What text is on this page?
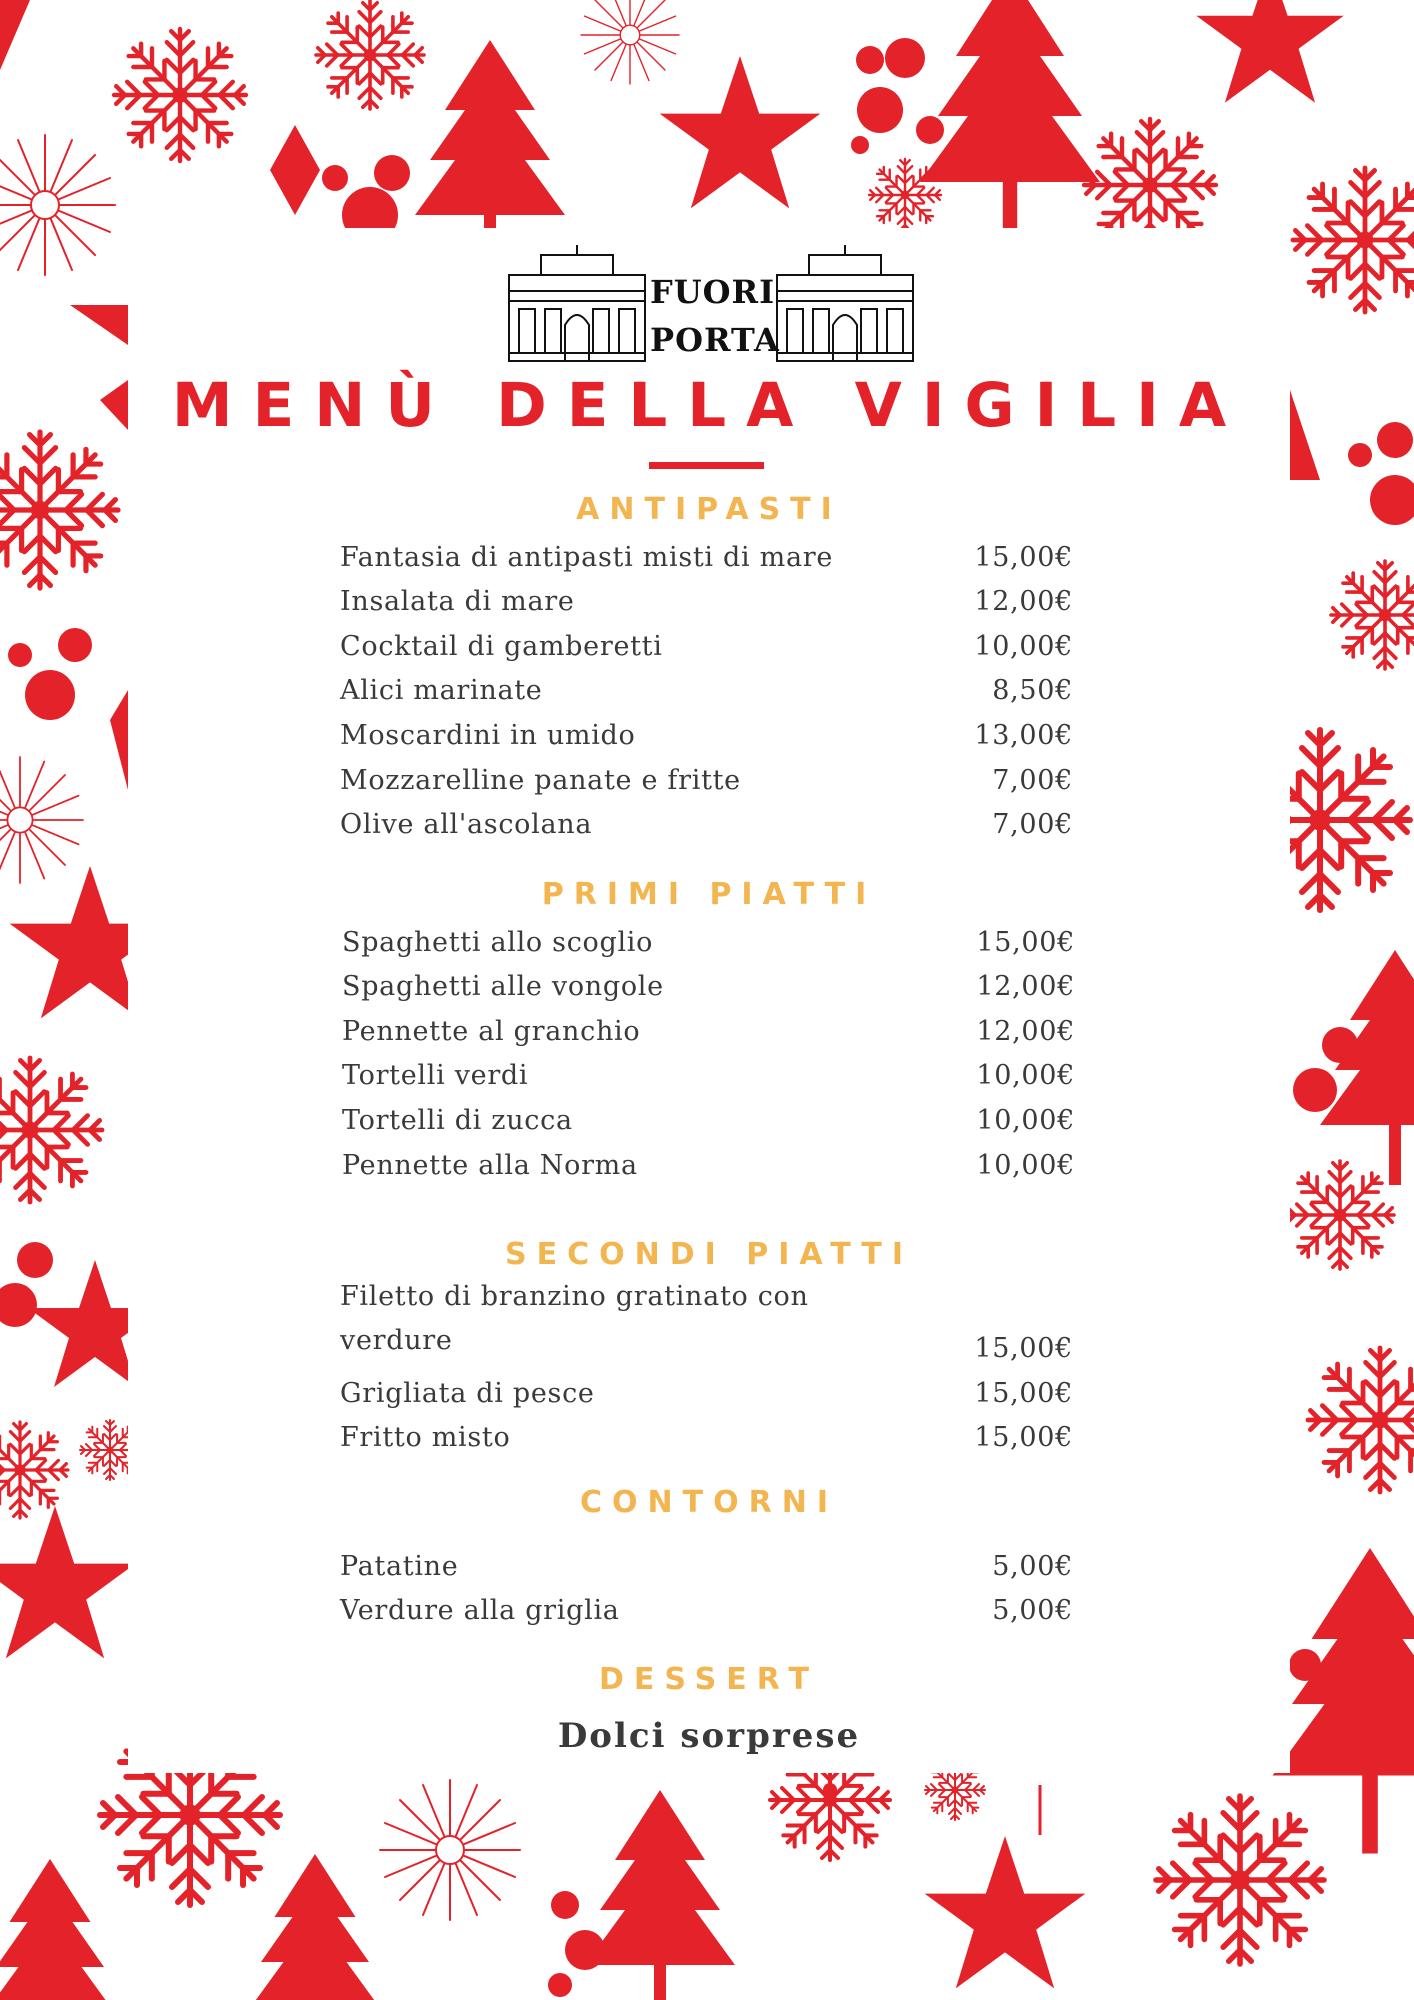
FUORI
PORTA
MENÙ DELLA VIGILIA
ANTIPASTI
Fantasia di antipasti misti di mare	15,00€
Insalata di mare	12,00€
Cocktail di gamberetti	10,00€
Alici marinate	8,50€
Moscardini in umido	13,00€
Mozzarelline panate e fritte	7,00€
Olive all'ascolana	7,00€
PRIMI PIATTI
Spaghetti allo scoglio	15,00€
Spaghetti alle vongole	12,00€
Pennette al granchio	12,00€
Tortelli verdi	10,00€
Tortelli di zucca	10,00€
Pennette alla Norma	10,00€
SECONDI PIATTI
Filetto di branzino gratinato con
verdure	15,00€
Grigliata di pesce	15,00€
Fritto misto	15,00€
CONTORNI
Patatine	5,00€
Verdure alla griglia	5,00€
DESSERT
Dolci sorprese
